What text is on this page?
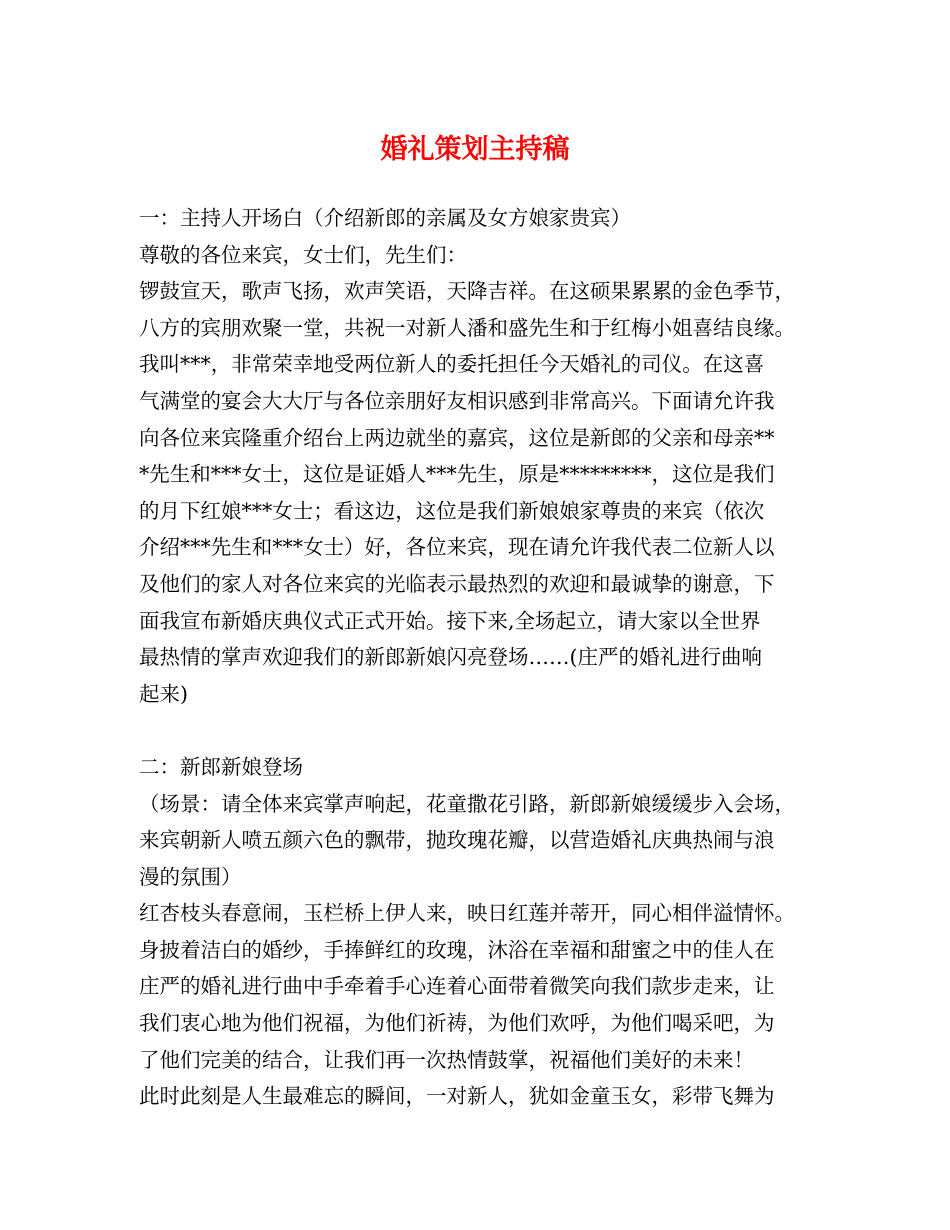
婚礼策划主持稿

一：主持人开场白（介绍新郎的亲属及女方娘家贵宾）

尊敬的各位来宾，女士们，先生们：

锣鼓宣天，歌声飞扬，欢声笑语，天降吉祥。在这硕果累累的金色季节，

八方的宾朋欢聚一堂，共祝一对新人潘和盛先生和于红梅小姐喜结良缘。

我叫***，非常荣幸地受两位新人的委托担任今天婚礼的司仪。在这喜

气满堂的宴会大大厅与各位亲朋好友相识感到非常高兴。下面请允许我

向各位来宾隆重介绍台上两边就坐的嘉宾，这位是新郎的父亲和母亲**

*先生和***女士，这位是证婚人***先生，原是*********，这位是我们

的月下红娘***女士；看这边，这位是我们新娘娘家尊贵的来宾（依次

介绍***先生和***女士）好，各位来宾，现在请允许我代表二位新人以

及他们的家人对各位来宾的光临表示最热烈的欢迎和最诚挚的谢意，下

面我宣布新婚庆典仪式正式开始。接下来,全场起立，请大家以全世界

最热情的掌声欢迎我们的新郎新娘闪亮登场……(庄严的婚礼进行曲响

起来)

二：新郎新娘登场

（场景：请全体来宾掌声响起，花童撒花引路，新郎新娘缓缓步入会场，

来宾朝新人喷五颜六色的飘带，抛玫瑰花瓣，以营造婚礼庆典热闹与浪

漫的氛围）

红杏枝头春意闹，玉栏桥上伊人来，映日红莲并蒂开，同心相伴溢情怀。

身披着洁白的婚纱，手捧鲜红的玫瑰，沐浴在幸福和甜蜜之中的佳人在

庄严的婚礼进行曲中手牵着手心连着心面带着微笑向我们款步走来，让

我们衷心地为他们祝福，为他们祈祷，为他们欢呼，为他们喝采吧，为

了他们完美的结合，让我们再一次热情鼓掌，祝福他们美好的未来！

此时此刻是人生最难忘的瞬间，一对新人，犹如金童玉女，彩带飞舞为
